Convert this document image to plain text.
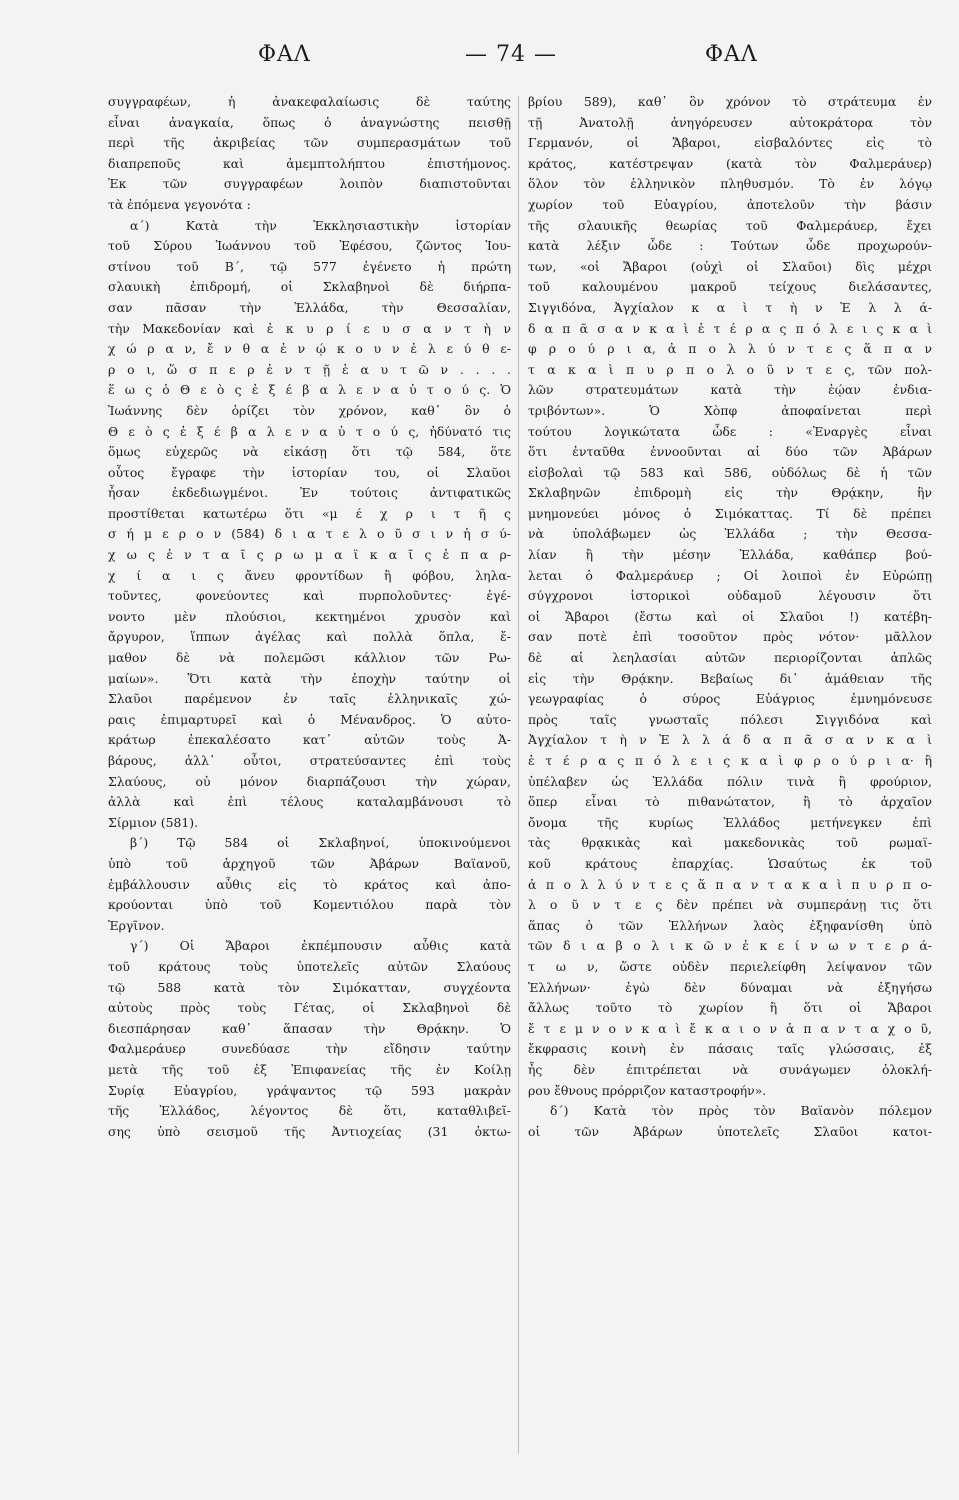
ΦΑΛ	— 74 —	ΦΑΛ
συγγραφέων, ἡ ἀνακεφαλαίωσις δὲ ταύτης
εἶναι ἀναγκαία, ὅπως ὁ ἀναγνώστης πεισθῇ
περὶ τῆς ἀκριβείας τῶν συμπερασμάτων τοῦ
διαπρεποῦς καὶ ἀμεμπτολήπτου ἐπιστήμονος.
Ἐκ τῶν συγγραφέων λοιπὸν διαπιστοῦνται
τὰ ἑπόμενα γεγονότα :
α΄) Κατὰ τὴν Ἐκκλησιαστικὴν ἱστορίαν
τοῦ Σύρου Ἰωάννου τοῦ Ἐφέσου, ζῶντος Ἰου-
στίνου τοῦ Β΄, τῷ 577 ἐγένετο ἡ πρώτη
σλαυικὴ ἐπιδρομή, οἱ Σκλαβηνοὶ δὲ διήρπα-
σαν πᾶσαν τὴν Ἑλλάδα, τὴν Θεσσαλίαν,
τὴν Μακεδονίαν καὶ ἐ κ υ ρ ί ε υ σ α ν τ ὴ ν
χ ώ ρ α ν, ἔ ν θ α ἐ ν ῴ κ ο υ ν ἐ λ ε ύ θ ε-
ρ ο ι, ὥ σ π ε ρ ἐ ν τ ῇ ἑ α υ τ ῶ ν . . . .
ἕ ω ς ὁ Θ ε ὸ ς ἐ ξ έ β α λ ε ν α ὐ τ ο ύ ς. Ὁ
Ἰωάννης δὲν ὁρίζει τὸν χρόνον, καθ᾽ ὃν ὁ
Θ ε ὸ ς ἐ ξ έ β α λ ε ν α ὐ τ ο ύ ς, ἠδύνατό τις
ὅμως εὐχερῶς νὰ εἰκάσῃ ὅτι τῷ 584, ὅτε
οὗτος ἔγραφε τὴν ἱστορίαν του, οἱ Σλαῦοι
ἦσαν ἐκδεδιωγμένοι. Ἐν τούτοις ἀντιφατικῶς
προστίθεται κατωτέρω ὅτι «μ έ χ ρ ι τ ῆ ς
σ ή μ ε ρ ο ν (584) δ ι α τ ε λ ο ῦ σ ι ν ἡ σ ύ-
χ ω ς ἐ ν τ α ῖ ς ρ ω μ α ϊ κ α ῖ ς ἐ π α ρ-
χ ί α ι ς ἄνευ φροντίδων ἢ φόβου, ληλα-
τοῦντες, φονεύοντες καὶ πυρπολοῦντες· ἐγέ-
νοντο μὲν πλούσιοι, κεκτημένοι χρυσὸν καὶ
ἄργυρον, ἵππων ἀγέλας καὶ πολλὰ ὅπλα, ἔ-
μαθον δὲ νὰ πολεμῶσι κάλλιον τῶν Ρω-
μαίων». Ὅτι κατὰ τὴν ἐποχὴν ταύτην οἱ
Σλαῦοι παρέμενον ἐν ταῖς ἑλληνικαῖς χώ-
ραις ἐπιμαρτυρεῖ καὶ ὁ Μένανδρος. Ὁ αὐτο-
κράτωρ ἐπεκαλέσατο κατ᾽ αὐτῶν τοὺς Ἀ-
βάρους, ἀλλ᾽ οὗτοι, στρατεύσαντες ἐπὶ τοὺς
Σλαύους, οὐ μόνον διαρπάζουσι τὴν χώραν,
ἀλλὰ καὶ ἐπὶ τέλους καταλαμβάνουσι τὸ
Σίρμιον (581).
β΄) Τῷ 584 οἱ Σκλαβηνοί, ὑποκινούμενοι
ὑπὸ τοῦ ἀρχηγοῦ τῶν Ἀβάρων Βαϊανοῦ,
ἐμβάλλουσιν αὖθις εἰς τὸ κράτος καὶ ἀπο-
κρούονται ὑπὸ τοῦ Κομεντιόλου παρὰ τὸν
Ἐργῖνον.
γ΄) Οἱ Ἄβαροι ἐκπέμπουσιν αὖθις κατὰ
τοῦ κράτους τοὺς ὑποτελεῖς αὐτῶν Σλαύους
τῷ 588 κατὰ τὸν Σιμόκατταν, συγχέοντα
αὐτοὺς πρὸς τοὺς Γέτας, οἱ Σκλαβηνοὶ δὲ
διεσπάρησαν καθ᾽ ἅπασαν τὴν Θρᾴκην. Ὁ
Φαλμεράυερ συνεδύασε τὴν εἴδησιν ταύτην
μετὰ τῆς τοῦ ἐξ Ἐπιφανείας τῆς ἐν Κοίλῃ
Συρίᾳ Εὐαγρίου, γράψαντος τῷ 593 μακρὰν
τῆς Ἑλλάδος, λέγοντος δὲ ὅτι, καταθλιβεῖ-
σης ὑπὸ σεισμοῦ τῆς Ἀντιοχείας (31 ὀκτω-
βρίου 589), καθ᾽ ὃν χρόνον τὸ στράτευμα ἐν
τῇ Ἀνατολῇ ἀνηγόρευσεν αὐτοκράτορα τὸν
Γερμανόν, οἱ Ἄβαροι, εἰσβαλόντες εἰς τὸ
κράτος, κατέστρεψαν (κατὰ τὸν Φαλμεράυερ)
ὅλον τὸν ἑλληνικὸν πληθυσμόν. Τὸ ἐν λόγῳ
χωρίον τοῦ Εὐαγρίου, ἀποτελοῦν τὴν βάσιν
τῆς σλαυικῆς θεωρίας τοῦ Φαλμεράυερ, ἔχει
κατὰ λέξιν ὧδε : Τούτων ὧδε προχωρούν-
των, «οἱ Ἄβαροι (οὐχὶ οἱ Σλαῦοι) δὶς μέχρι
τοῦ καλουμένου μακροῦ τείχους διελάσαντες,
Σιγγιδόνα, Ἀγχίαλον κ α ὶ τ ὴ ν Ἑ λ λ ά-
δ α π ᾶ σ α ν κ α ὶ ἑ τ έ ρ α ς π ό λ ε ι ς κ α ὶ
φ ρ ο ύ ρ ι α, ἀ π ο λ λ ύ ν τ ε ς ἅ π α ν
τ α κ α ὶ π υ ρ π ο λ ο ῦ ν τ ε ς, τῶν πολ-
λῶν στρατευμάτων κατὰ τὴν ἑῴαν ἐνδια-
τριβόντων». Ὁ Χὸπφ ἀποφαίνεται περὶ
τούτου λογικώτατα ὧδε : «Ἐναργὲς εἶναι
ὅτι ἐνταῦθα ἐννοοῦνται αἱ δύο τῶν Ἀβάρων
εἰσβολαὶ τῷ 583 καὶ 586, οὐδόλως δὲ ἡ τῶν
Σκλαβηνῶν ἐπιδρομὴ εἰς τὴν Θρᾴκην, ἣν
μνημονεύει μόνος ὁ Σιμόκαττας. Τί δὲ πρέπει
νὰ ὑπολάβωμεν ὡς Ἑλλάδα ; τὴν Θεσσα-
λίαν ἢ τὴν μέσην Ἑλλάδα, καθάπερ βού-
λεται ὁ Φαλμεράυερ ; Οἱ λοιποὶ ἐν Εὐρώπῃ
σύγχρονοι ἱστορικοὶ οὐδαμοῦ λέγουσιν ὅτι
οἱ Ἄβαροι (ἔστω καὶ οἱ Σλαῦοι !) κατέβη-
σαν ποτὲ ἐπὶ τοσοῦτον πρὸς νότον· μᾶλλον
δὲ αἱ λεηλασίαι αὐτῶν περιορίζονται ἁπλῶς
εἰς τὴν Θρᾴκην. Βεβαίως δι᾽ ἀμάθειαν τῆς
γεωγραφίας ὁ σύρος Εὐάγριος ἐμνημόνευσε
πρὸς ταῖς γνωσταῖς πόλεσι Σιγγιδόνα καὶ
Ἀγχίαλον τ ὴ ν Ἑ λ λ ά δ α π ᾶ σ α ν κ α ὶ
ἑ τ έ ρ α ς π ό λ ε ι ς κ α ὶ φ ρ ο ύ ρ ι α· ἢ
ὑπέλαβεν ὡς Ἑλλάδα πόλιν τινὰ ἢ φρούριον,
ὅπερ εἶναι τὸ πιθανώτατον, ἢ τὸ ἀρχαῖον
ὄνομα τῆς κυρίως Ἑλλάδος μετήνεγκεν ἐπὶ
τὰς θρᾳκικὰς καὶ μακεδονικὰς τοῦ ρωμαϊ-
κοῦ κράτους ἐπαρχίας. Ὡσαύτως ἐκ τοῦ
ἀ π ο λ λ ύ ν τ ε ς ἅ π α ν τ α κ α ὶ π υ ρ π ο-
λ ο ῦ ν τ ε ς δὲν πρέπει νὰ συμπεράνῃ τις ὅτι
ἅπας ὁ τῶν Ἑλλήνων λαὸς ἐξηφανίσθη ὑπὸ
τῶν δ ι α β ο λ ι κ ῶ ν ἐ κ ε ί ν ω ν τ ε ρ ά-
τ ω ν, ὥστε οὐδὲν περιελείφθη λείψανον τῶν
Ἑλλήνων· ἐγὼ δὲν δύναμαι νὰ ἐξηγήσω
ἄλλως τοῦτο τὸ χωρίον ἢ ὅτι οἱ Ἄβαροι
ἔ τ ε μ ν ο ν κ α ὶ ἔ κ α ι ο ν ἁ π α ν τ α χ ο ῦ,
ἔκφρασις κοινὴ ἐν πάσαις ταῖς γλώσσαις, ἐξ
ἧς δὲν ἐπιτρέπεται νὰ συνάγωμεν ὁλοκλή-
ρου ἔθνους πρόρριζον καταστροφήν».
δ΄) Κατὰ τὸν πρὸς τὸν Βαϊανὸν πόλεμον
οἱ τῶν Ἀβάρων ὑποτελεῖς Σλαῦοι κατοι-
